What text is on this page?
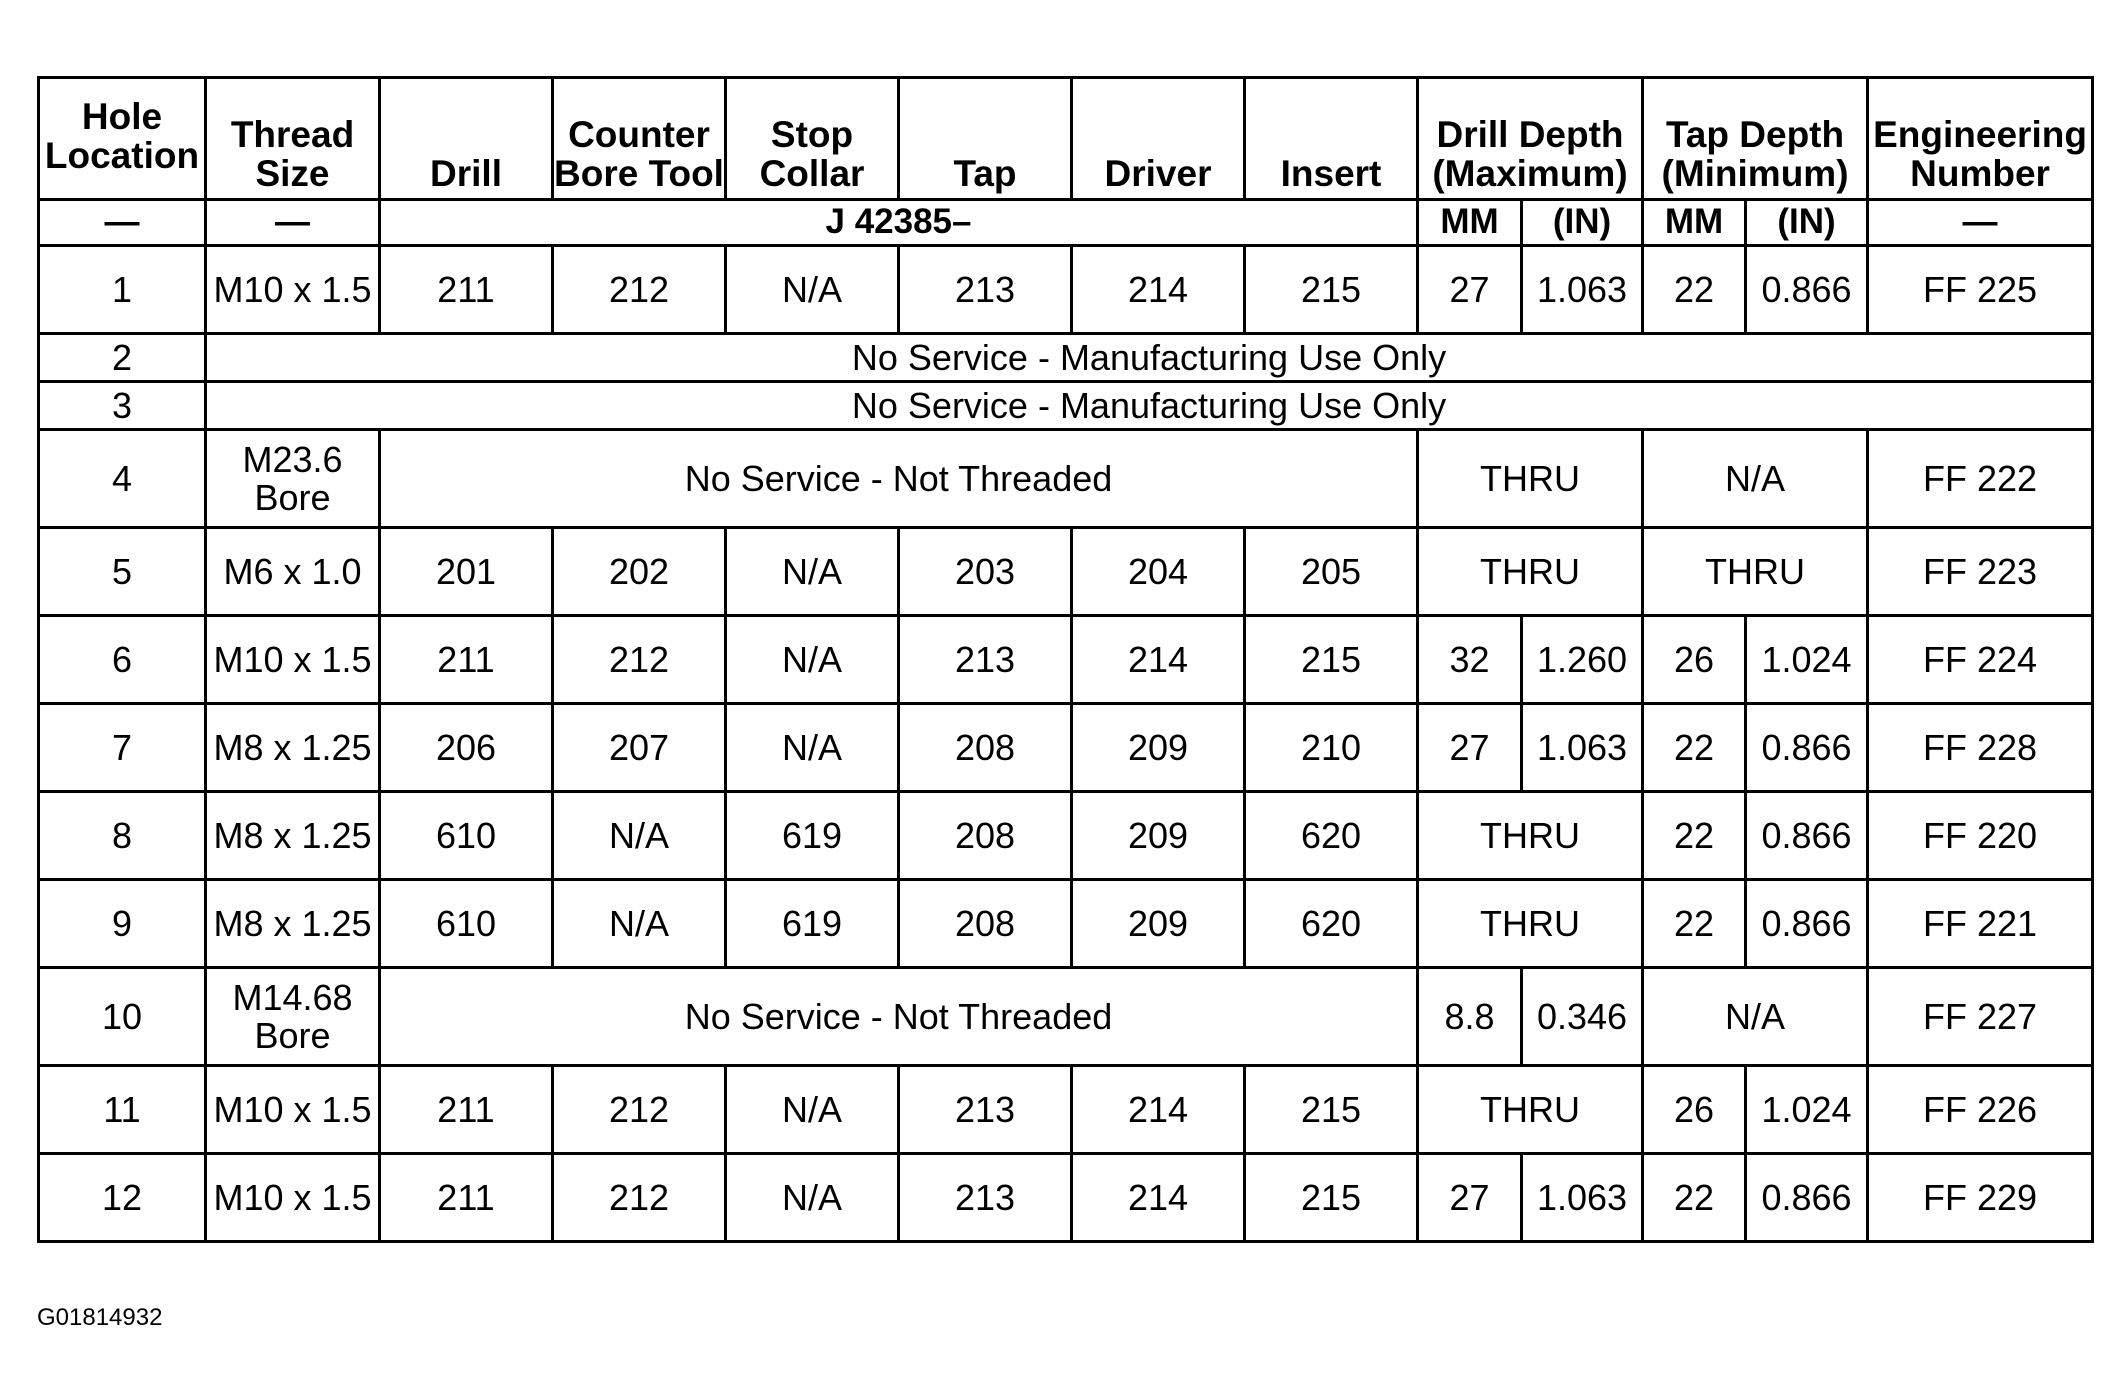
Hole Location	Thread Size	Drill	Counter Bore Tool	Stop Collar	Tap	Driver	Insert	Drill Depth (Maximum)		Tap Depth (Minimum)		Engineering Number
—	—	J 42385–						MM	(IN)	MM	(IN)	—
1	M10 x 1.5	211	212	N/A	213	214	215	27	1.063	22	0.866	FF 225
2	No Service - Manufacturing Use Only											
3	No Service - Manufacturing Use Only											
4	M23.6 Bore	No Service - Not Threaded						THRU		N/A		FF 222
5	M6 x 1.0	201	202	N/A	203	204	205	THRU		THRU		FF 223
6	M10 x 1.5	211	212	N/A	213	214	215	32	1.260	26	1.024	FF 224
7	M8 x 1.25	206	207	N/A	208	209	210	27	1.063	22	0.866	FF 228
8	M8 x 1.25	610	N/A	619	208	209	620	THRU		22	0.866	FF 220
9	M8 x 1.25	610	N/A	619	208	209	620	THRU		22	0.866	FF 221
10	M14.68 Bore	No Service - Not Threaded						8.8	0.346	N/A		FF 227
11	M10 x 1.5	211	212	N/A	213	214	215	THRU		26	1.024	FF 226
12	M10 x 1.5	211	212	N/A	213	214	215	27	1.063	22	0.866	FF 229
G01814932
